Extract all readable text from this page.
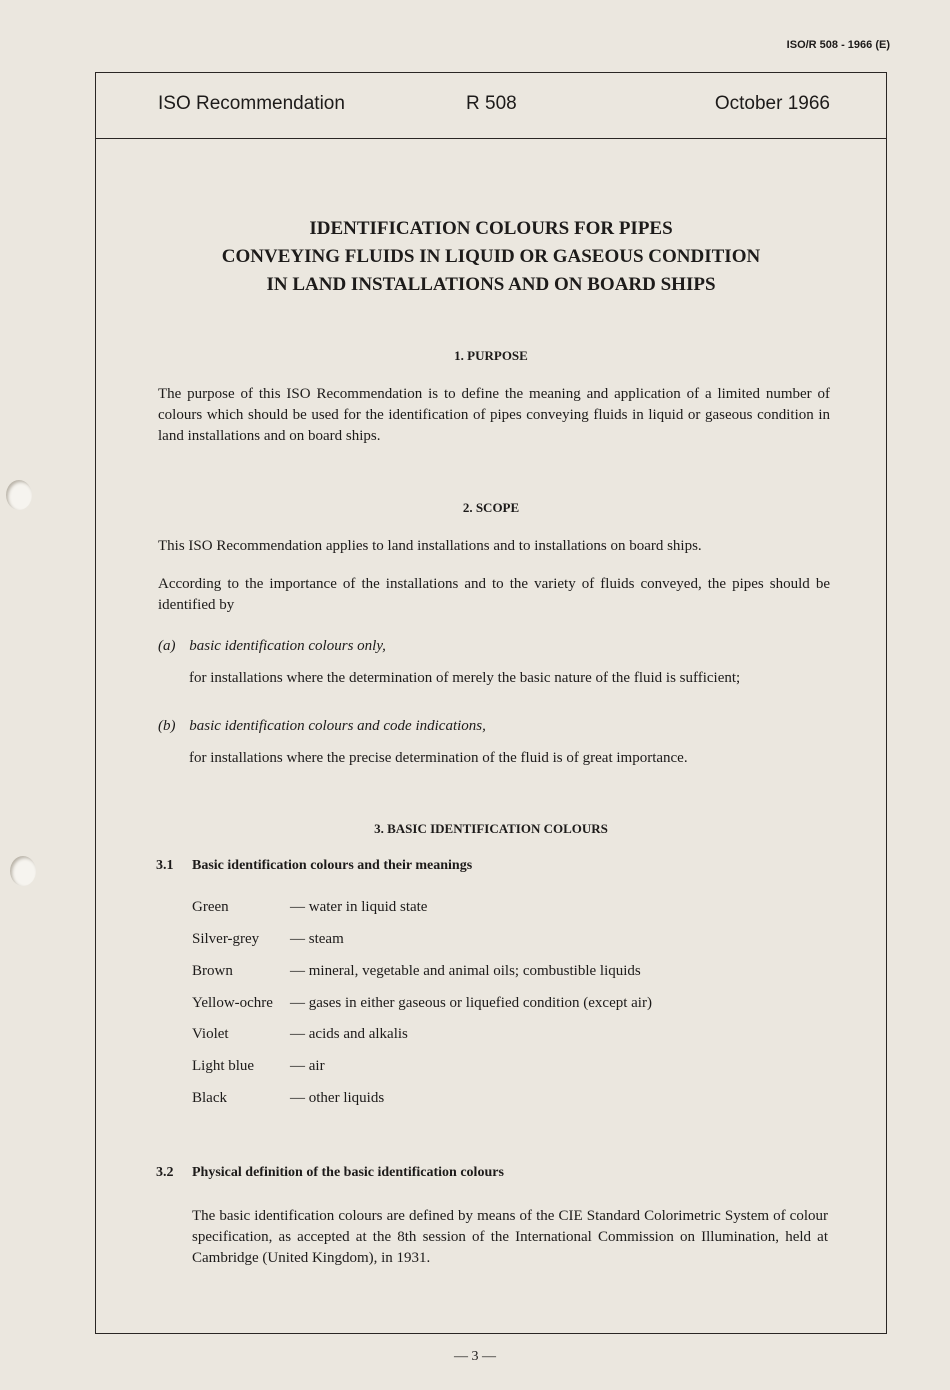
ISO/R 508 - 1966 (E)
ISO Recommendation	R 508	October 1966
IDENTIFICATION COLOURS FOR PIPES
CONVEYING FLUIDS IN LIQUID OR GASEOUS CONDITION
IN LAND INSTALLATIONS AND ON BOARD SHIPS
1. PURPOSE
The purpose of this ISO Recommendation is to define the meaning and application of a limited number of colours which should be used for the identification of pipes conveying fluids in liquid or gaseous condition in land installations and on board ships.
2. SCOPE
This ISO Recommendation applies to land installations and to installations on board ships.
According to the importance of the installations and to the variety of fluids conveyed, the pipes should be identified by
(a) basic identification colours only,
for installations where the determination of merely the basic nature of the fluid is sufficient;
(b) basic identification colours and code indications,
for installations where the precise determination of the fluid is of great importance.
3. BASIC IDENTIFICATION COLOURS
3.1 Basic identification colours and their meanings
Green	— water in liquid state
Silver-grey — steam
Brown	— mineral, vegetable and animal oils; combustible liquids
Yellow-ochre — gases in either gaseous or liquefied condition (except air)
Violet	— acids and alkalis
Light blue — air
Black	— other liquids
3.2 Physical definition of the basic identification colours
The basic identification colours are defined by means of the CIE Standard Colorimetric System of colour specification, as accepted at the 8th session of the International Commission on Illumination, held at Cambridge (United Kingdom), in 1931.
— 3 —
